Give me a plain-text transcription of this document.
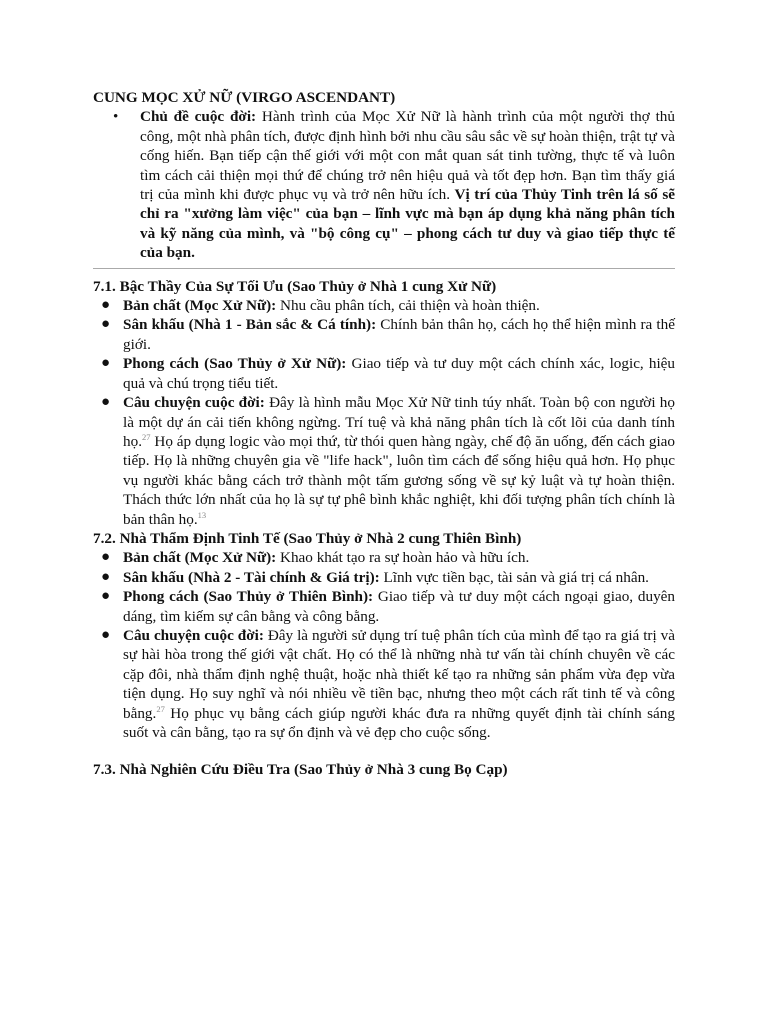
CUNG MỌC XỬ NỮ (VIRGO ASCENDANT)

• Chủ đề cuộc đời: Hành trình của Mọc Xử Nữ là hành trình của một người thợ thủ công, một nhà phân tích, được định hình bởi nhu cầu sâu sắc về sự hoàn thiện, trật tự và cống hiến. Bạn tiếp cận thế giới với một con mắt quan sát tinh tường, thực tế và luôn tìm cách cải thiện mọi thứ để chúng trở nên hiệu quả và tốt đẹp hơn. Bạn tìm thấy giá trị của mình khi được phục vụ và trở nên hữu ích. Vị trí của Thủy Tinh trên lá số sẽ chỉ ra "xưởng làm việc" của bạn – lĩnh vực mà bạn áp dụng khả năng phân tích và kỹ năng của mình, và "bộ công cụ" – phong cách tư duy và giao tiếp thực tế của bạn.
7.1. Bậc Thầy Của Sự Tối Ưu (Sao Thủy ở Nhà 1 cung Xử Nữ)
● Bản chất (Mọc Xử Nữ): Nhu cầu phân tích, cải thiện và hoàn thiện.
● Sân khấu (Nhà 1 - Bản sắc & Cá tính): Chính bản thân họ, cách họ thể hiện mình ra thế giới.
● Phong cách (Sao Thủy ở Xử Nữ): Giao tiếp và tư duy một cách chính xác, logic, hiệu quả và chú trọng tiểu tiết.
● Câu chuyện cuộc đời: Đây là hình mẫu Mọc Xử Nữ tinh túy nhất. Toàn bộ con người họ là một dự án cải tiến không ngừng. Trí tuệ và khả năng phân tích là cốt lõi của danh tính họ.$^{27}$ Họ áp dụng logic vào mọi thứ, từ thói quen hàng ngày, chế độ ăn uống, đến cách giao tiếp. Họ là những chuyên gia về "life hack", luôn tìm cách để sống hiệu quả hơn. Họ phục vụ người khác bằng cách trở thành một tấm gương sống về sự kỷ luật và tự hoàn thiện. Thách thức lớn nhất của họ là sự tự phê bình khắc nghiệt, khi đối tượng phân tích chính là bản thân họ.$^{13}$
7.2. Nhà Thẩm Định Tinh Tế (Sao Thủy ở Nhà 2 cung Thiên Bình)
● Bản chất (Mọc Xử Nữ): Khao khát tạo ra sự hoàn hảo và hữu ích.
● Sân khấu (Nhà 2 - Tài chính & Giá trị): Lĩnh vực tiền bạc, tài sản và giá trị cá nhân.
● Phong cách (Sao Thủy ở Thiên Bình): Giao tiếp và tư duy một cách ngoại giao, duyên dáng, tìm kiếm sự cân bằng và công bằng.
● Câu chuyện cuộc đời: Đây là người sử dụng trí tuệ phân tích của mình để tạo ra giá trị và sự hài hòa trong thế giới vật chất. Họ có thể là những nhà tư vấn tài chính chuyên về các cặp đôi, nhà thẩm định nghệ thuật, hoặc nhà thiết kế tạo ra những sản phẩm vừa đẹp vừa tiện dụng. Họ suy nghĩ và nói nhiều về tiền bạc, nhưng theo một cách rất tinh tế và công bằng.$^{27}$ Họ phục vụ bằng cách giúp người khác đưa ra những quyết định tài chính sáng suốt và cân bằng, tạo ra sự ổn định và vẻ đẹp cho cuộc sống.
7.3. Nhà Nghiên Cứu Điều Tra (Sao Thủy ở Nhà 3 cung Bọ Cạp)
